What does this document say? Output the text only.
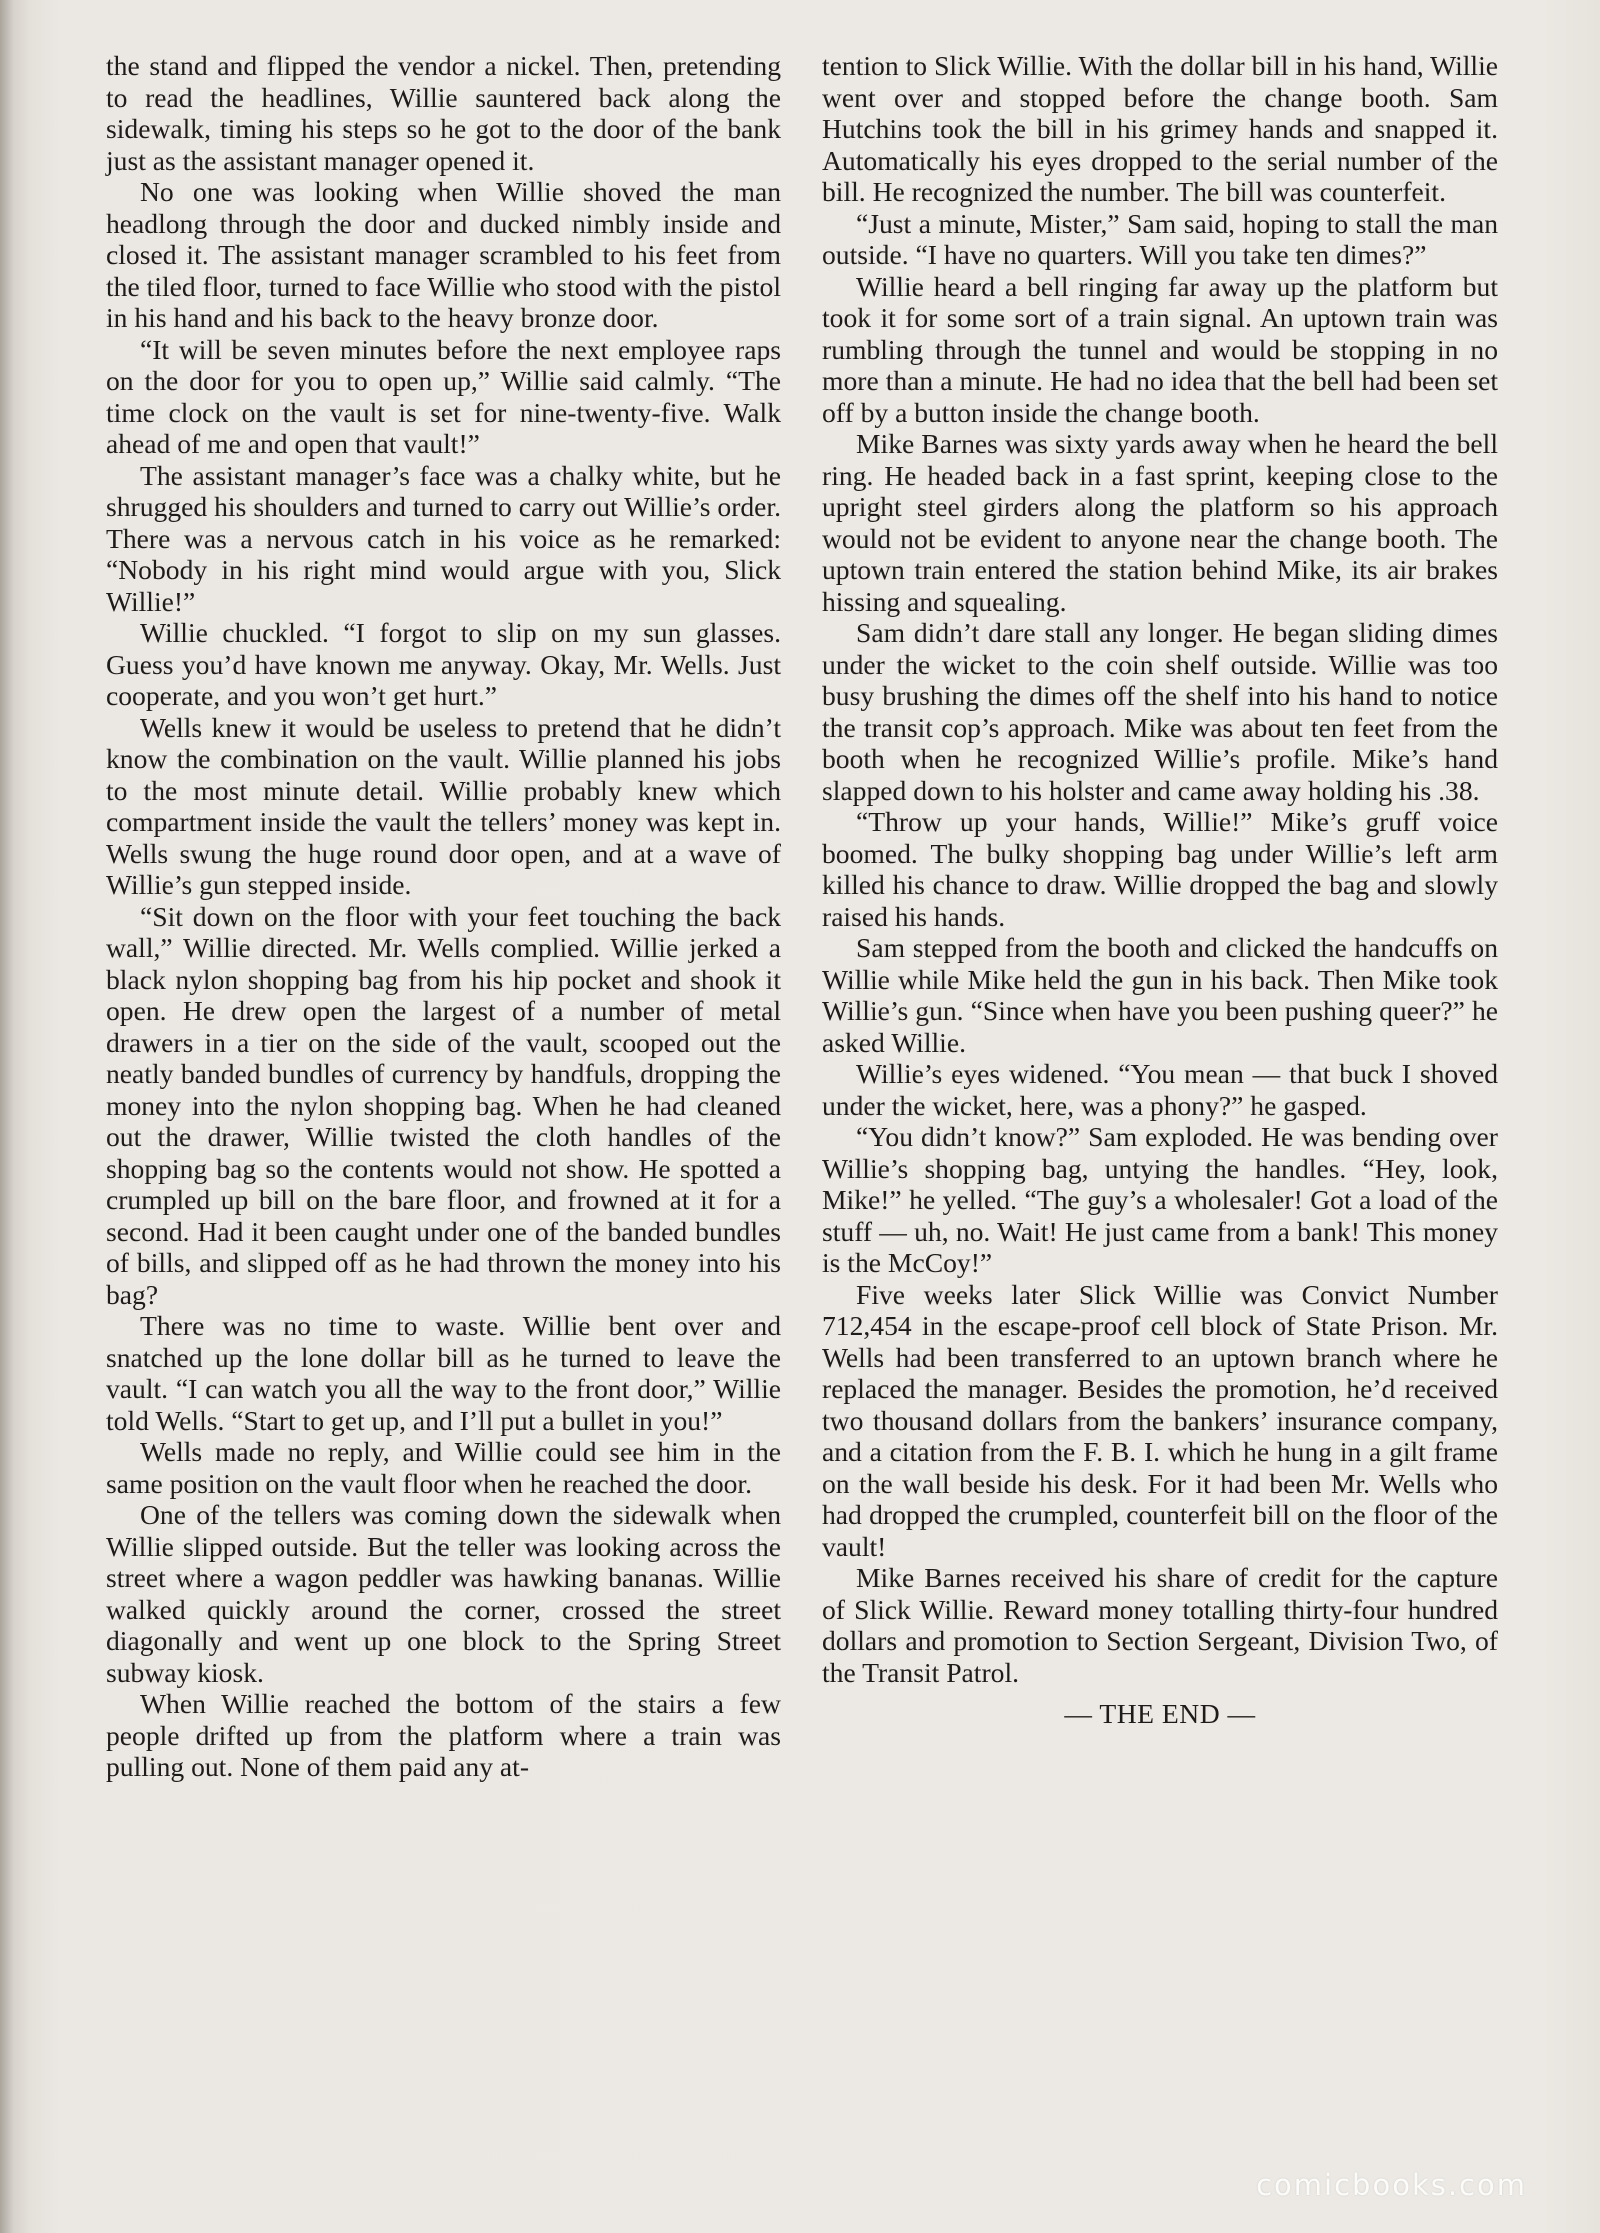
the stand and flipped the vendor a nickel. Then, pretending to read the headlines, Willie sauntered back along the sidewalk, timing his steps so he got to the door of the bank just as the assistant manager opened it.

No one was looking when Willie shoved the man headlong through the door and ducked nimbly inside and closed it. The assistant manager scrambled to his feet from the tiled floor, turned to face Willie who stood with the pistol in his hand and his back to the heavy bronze door.

“It will be seven minutes before the next employee raps on the door for you to open up,” Willie said calmly. “The time clock on the vault is set for nine-twenty-five. Walk ahead of me and open that vault!”

The assistant manager’s face was a chalky white, but he shrugged his shoulders and turned to carry out Willie’s order. There was a nervous catch in his voice as he remarked: “Nobody in his right mind would argue with you, Slick Willie!”

Willie chuckled. “I forgot to slip on my sun glasses. Guess you’d have known me anyway. Okay, Mr. Wells. Just cooperate, and you won’t get hurt.”

Wells knew it would be useless to pretend that he didn’t know the combination on the vault. Willie planned his jobs to the most minute detail. Willie probably knew which compartment inside the vault the tellers’ money was kept in. Wells swung the huge round door open, and at a wave of Willie’s gun stepped inside.

“Sit down on the floor with your feet touching the back wall,” Willie directed. Mr. Wells complied. Willie jerked a black nylon shopping bag from his hip pocket and shook it open. He drew open the largest of a number of metal drawers in a tier on the side of the vault, scooped out the neatly banded bundles of currency by handfuls, dropping the money into the nylon shopping bag. When he had cleaned out the drawer, Willie twisted the cloth handles of the shopping bag so the contents would not show. He spotted a crumpled up bill on the bare floor, and frowned at it for a second. Had it been caught under one of the banded bundles of bills, and slipped off as he had thrown the money into his bag?

There was no time to waste. Willie bent over and snatched up the lone dollar bill as he turned to leave the vault. “I can watch you all the way to the front door,” Willie told Wells. “Start to get up, and I’ll put a bullet in you!”

Wells made no reply, and Willie could see him in the same position on the vault floor when he reached the door.

One of the tellers was coming down the sidewalk when Willie slipped outside. But the teller was looking across the street where a wagon peddler was hawking bananas. Willie walked quickly around the corner, crossed the street diagonally and went up one block to the Spring Street subway kiosk.

When Willie reached the bottom of the stairs a few people drifted up from the platform where a train was pulling out. None of them paid any at-

tention to Slick Willie. With the dollar bill in his hand, Willie went over and stopped before the change booth. Sam Hutchins took the bill in his grimey hands and snapped it. Automatically his eyes dropped to the serial number of the bill. He recognized the number. The bill was counterfeit.

“Just a minute, Mister,” Sam said, hoping to stall the man outside. “I have no quarters. Will you take ten dimes?”

Willie heard a bell ringing far away up the platform but took it for some sort of a train signal. An uptown train was rumbling through the tunnel and would be stopping in no more than a minute. He had no idea that the bell had been set off by a button inside the change booth.

Mike Barnes was sixty yards away when he heard the bell ring. He headed back in a fast sprint, keeping close to the upright steel girders along the platform so his approach would not be evident to anyone near the change booth. The uptown train entered the station behind Mike, its air brakes hissing and squealing.

Sam didn’t dare stall any longer. He began sliding dimes under the wicket to the coin shelf outside. Willie was too busy brushing the dimes off the shelf into his hand to notice the transit cop’s approach. Mike was about ten feet from the booth when he recognized Willie’s profile. Mike’s hand slapped down to his holster and came away holding his .38.

“Throw up your hands, Willie!” Mike’s gruff voice boomed. The bulky shopping bag under Willie’s left arm killed his chance to draw. Willie dropped the bag and slowly raised his hands.

Sam stepped from the booth and clicked the handcuffs on Willie while Mike held the gun in his back. Then Mike took Willie’s gun. “Since when have you been pushing queer?” he asked Willie.

Willie’s eyes widened. “You mean — that buck I shoved under the wicket, here, was a phony?” he gasped.

“You didn’t know?” Sam exploded. He was bending over Willie’s shopping bag, untying the handles. “Hey, look, Mike!” he yelled. “The guy’s a wholesaler! Got a load of the stuff — uh, no. Wait! He just came from a bank! This money is the McCoy!”

Five weeks later Slick Willie was Convict Number 712,454 in the escape-proof cell block of State Prison. Mr. Wells had been transferred to an uptown branch where he replaced the manager. Besides the promotion, he’d received two thousand dollars from the bankers’ insurance company, and a citation from the F. B. I. which he hung in a gilt frame on the wall beside his desk. For it had been Mr. Wells who had dropped the crumpled, counterfeit bill on the floor of the vault!

Mike Barnes received his share of credit for the capture of Slick Willie. Reward money totalling thirty-four hundred dollars and promotion to Section Sergeant, Division Two, of the Transit Patrol.

— THE END —
comicbooks.com
